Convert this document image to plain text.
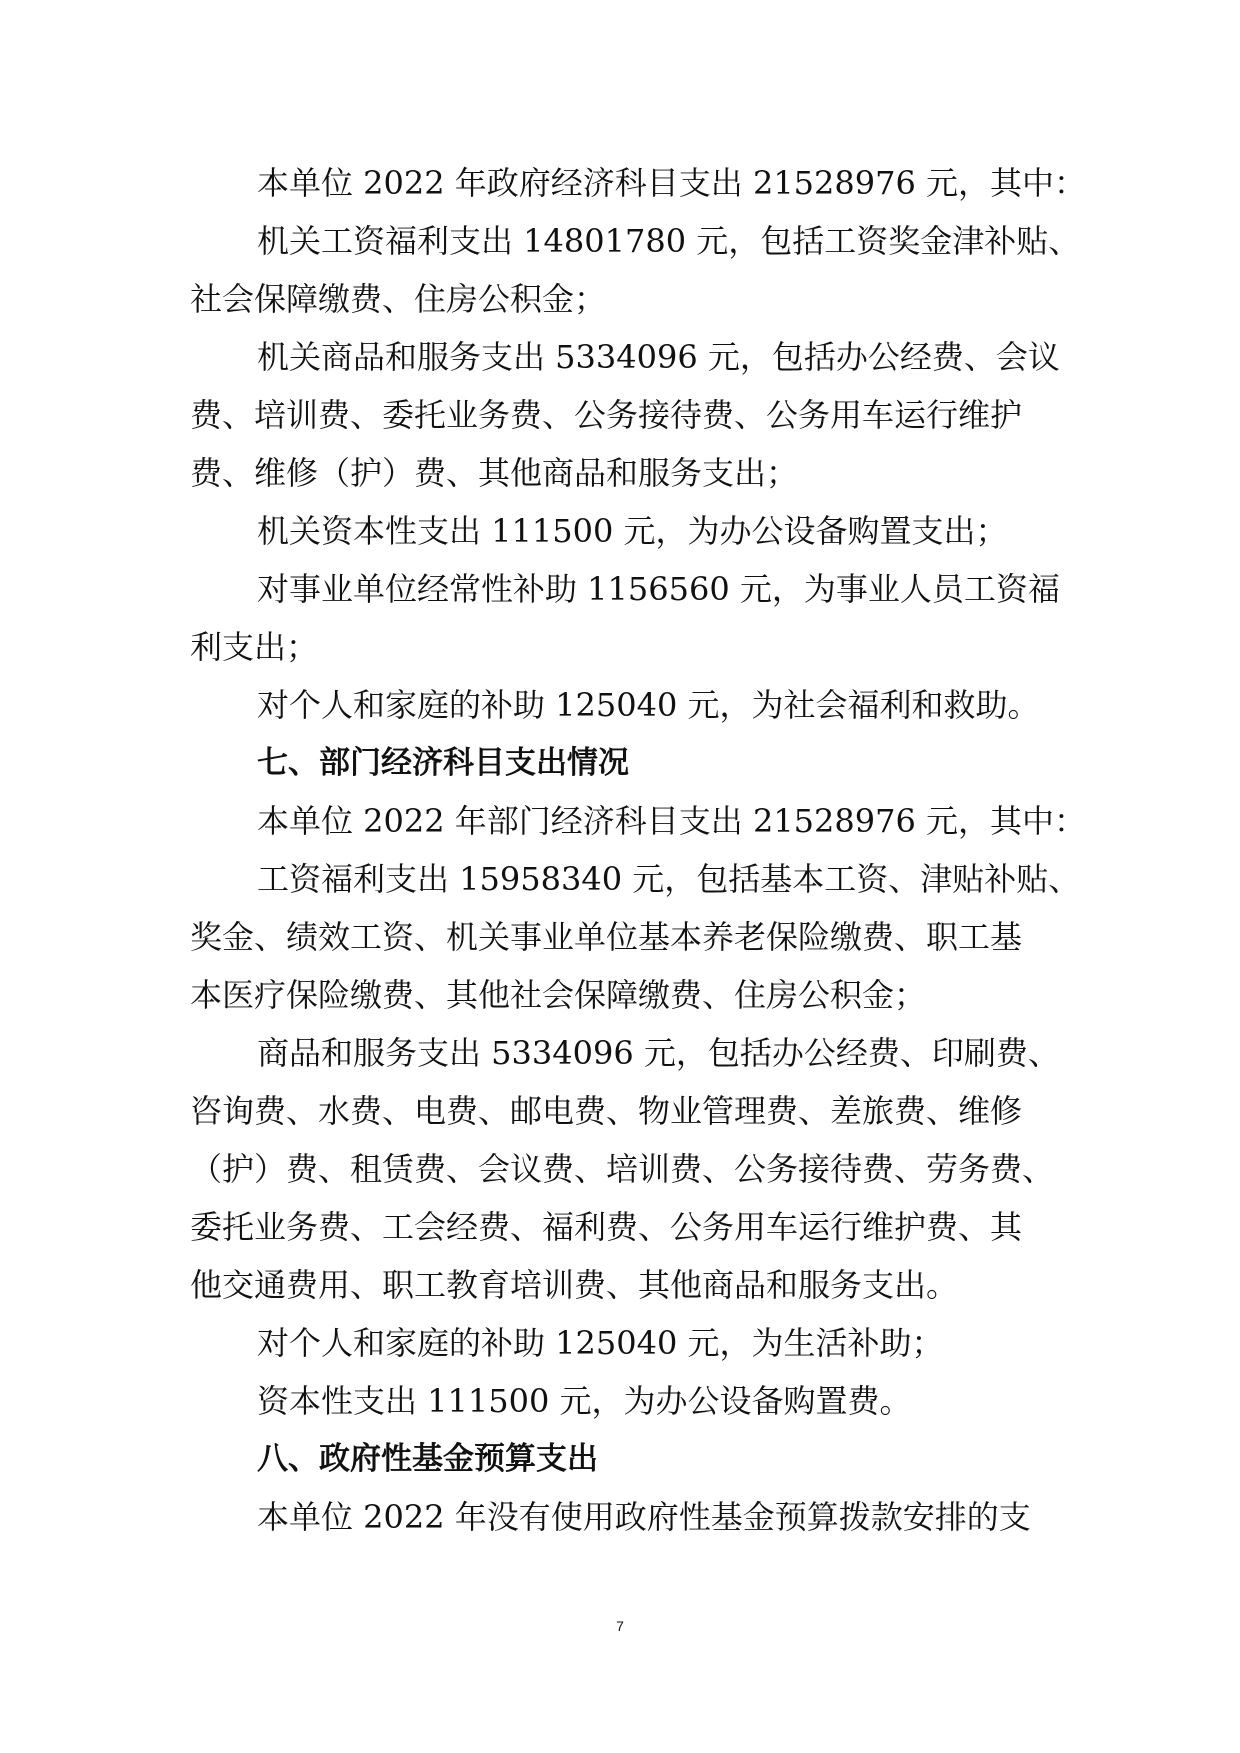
本单位 2022 年政府经济科目支出 21528976 元，其中：
机关工资福利支出 14801780 元，包括工资奖金津补贴、
社会保障缴费、住房公积金；
机关商品和服务支出 5334096 元，包括办公经费、会议
费、培训费、委托业务费、公务接待费、公务用车运行维护
费、维修（护）费、其他商品和服务支出；
机关资本性支出 111500 元，为办公设备购置支出；
对事业单位经常性补助 1156560 元，为事业人员工资福
利支出；
对个人和家庭的补助 125040 元，为社会福利和救助。
七、部门经济科目支出情况
本单位 2022 年部门经济科目支出 21528976 元，其中：
工资福利支出 15958340 元，包括基本工资、津贴补贴、
奖金、绩效工资、机关事业单位基本养老保险缴费、职工基
本医疗保险缴费、其他社会保障缴费、住房公积金；
商品和服务支出 5334096 元，包括办公经费、印刷费、
咨询费、水费、电费、邮电费、物业管理费、差旅费、维修
（护）费、租赁费、会议费、培训费、公务接待费、劳务费、
委托业务费、工会经费、福利费、公务用车运行维护费、其
他交通费用、职工教育培训费、其他商品和服务支出。
对个人和家庭的补助 125040 元，为生活补助；
资本性支出 111500 元，为办公设备购置费。
八、政府性基金预算支出
本单位 2022 年没有使用政府性基金预算拨款安排的支
7
